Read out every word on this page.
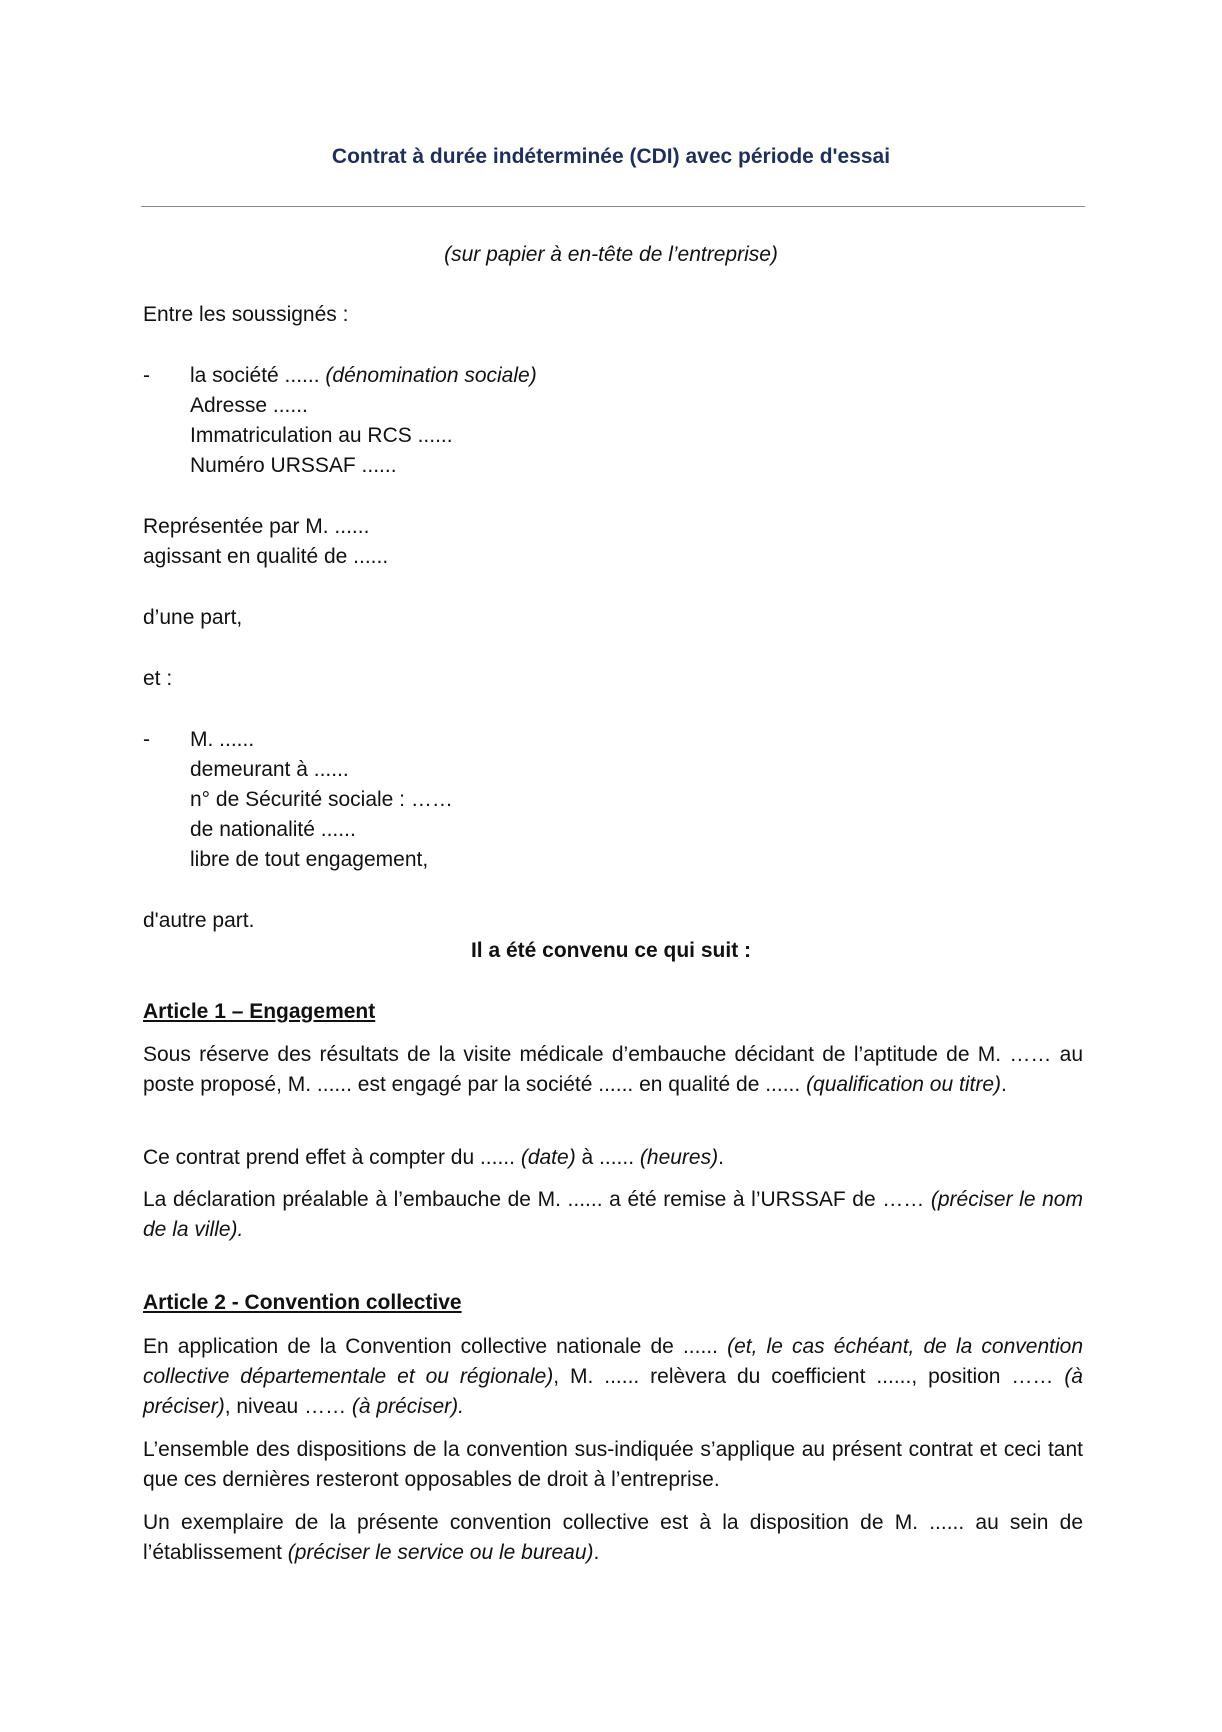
Contrat à durée indéterminée (CDI) avec période d'essai
(sur papier à en-tête de l’entreprise)
Entre les soussignés :
- la société ...... (dénomination sociale)
Adresse ......
Immatriculation au RCS ......
Numéro URSSAF ......
Représentée par M. ......
agissant en qualité de ......
d’une part,
et :
- M. ......
demeurant à ......
n° de Sécurité sociale : ……
de nationalité ......
libre de tout engagement,
d'autre part.
Il a été convenu ce qui suit :
Article 1 – Engagement
Sous réserve des résultats de la visite médicale d’embauche décidant de l’aptitude de M. …… au poste proposé, M. ...... est engagé par la société ...... en qualité de ...... (qualification ou titre).
Ce contrat prend effet à compter du ...... (date) à ...... (heures).
La déclaration préalable à l’embauche de M. ...... a été remise à l’URSSAF de …… (préciser le nom de la ville).
Article 2 - Convention collective
En application de la Convention collective nationale de ...... (et, le cas échéant, de la convention collective départementale et ou régionale), M. ...... relèvera du coefficient ......, position …… (à préciser), niveau …… (à préciser).
L’ensemble des dispositions de la convention sus-indiquée s’applique au présent contrat et ceci tant que ces dernières resteront opposables de droit à l’entreprise.
Un exemplaire de la présente convention collective est à la disposition de M. ...... au sein de l’établissement (préciser le service ou le bureau).
